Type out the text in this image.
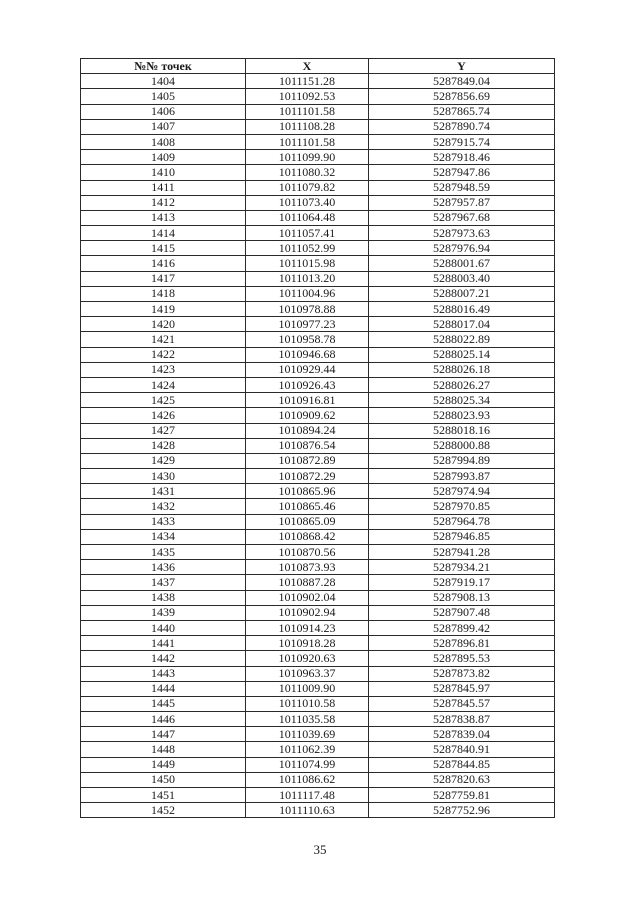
№№ точек	X	Y
1404	1011151.28	5287849.04
1405	1011092.53	5287856.69
1406	1011101.58	5287865.74
1407	1011108.28	5287890.74
1408	1011101.58	5287915.74
1409	1011099.90	5287918.46
1410	1011080.32	5287947.86
1411	1011079.82	5287948.59
1412	1011073.40	5287957.87
1413	1011064.48	5287967.68
1414	1011057.41	5287973.63
1415	1011052.99	5287976.94
1416	1011015.98	5288001.67
1417	1011013.20	5288003.40
1418	1011004.96	5288007.21
1419	1010978.88	5288016.49
1420	1010977.23	5288017.04
1421	1010958.78	5288022.89
1422	1010946.68	5288025.14
1423	1010929.44	5288026.18
1424	1010926.43	5288026.27
1425	1010916.81	5288025.34
1426	1010909.62	5288023.93
1427	1010894.24	5288018.16
1428	1010876.54	5288000.88
1429	1010872.89	5287994.89
1430	1010872.29	5287993.87
1431	1010865.96	5287974.94
1432	1010865.46	5287970.85
1433	1010865.09	5287964.78
1434	1010868.42	5287946.85
1435	1010870.56	5287941.28
1436	1010873.93	5287934.21
1437	1010887.28	5287919.17
1438	1010902.04	5287908.13
1439	1010902.94	5287907.48
1440	1010914.23	5287899.42
1441	1010918.28	5287896.81
1442	1010920.63	5287895.53
1443	1010963.37	5287873.82
1444	1011009.90	5287845.97
1445	1011010.58	5287845.57
1446	1011035.58	5287838.87
1447	1011039.69	5287839.04
1448	1011062.39	5287840.91
1449	1011074.99	5287844.85
1450	1011086.62	5287820.63
1451	1011117.48	5287759.81
1452	1011110.63	5287752.96
35
